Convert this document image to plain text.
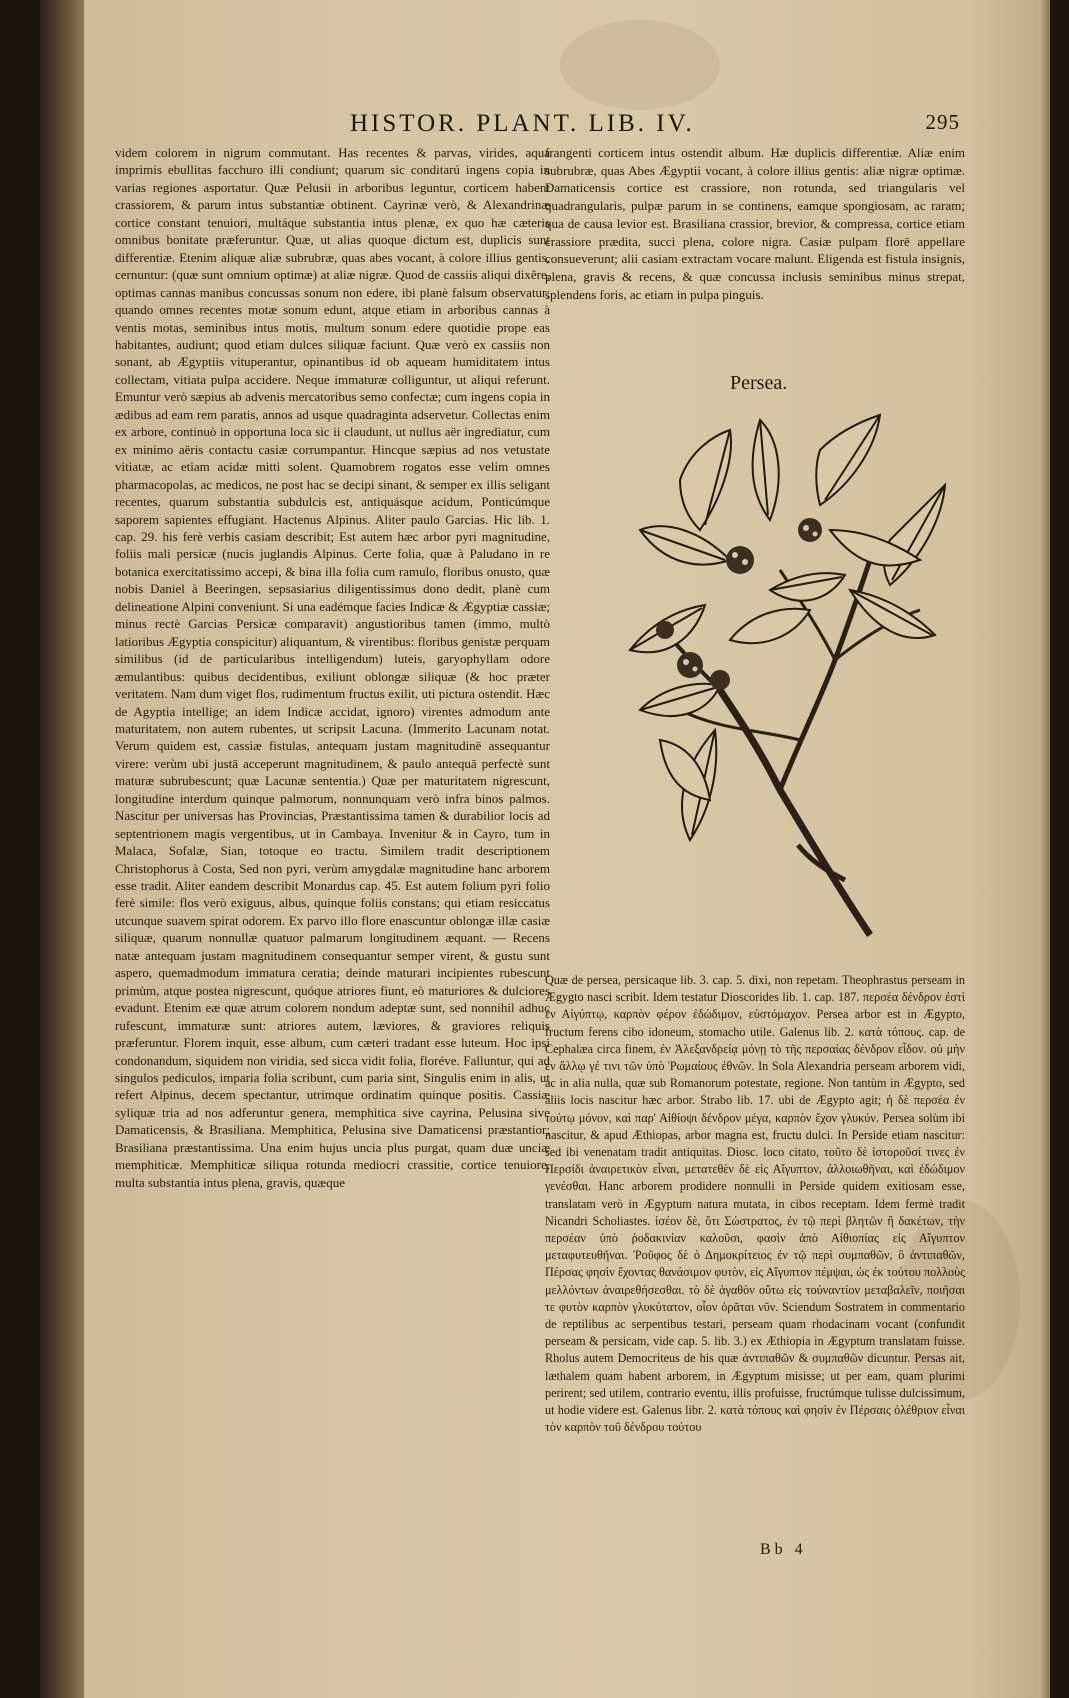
HISTOR. PLANT. LIB. IV.	295

videm colorem in nigrum commutant. Has recentes & parvas, virides, aqua imprimis ebullitas facchuro illi condiunt; quarum sic conditarú ingens copia in varias regiones asportatur. Quæ Pelusii in arboribus leguntur, corticem habent crassiorem, & parum intus substantiæ obtinent. Cayrinæ verò, & Alexandrinæ cortice constant tenuiori, multáque substantia intus plenæ, ex quo hæ cæteris omnibus bonitate præferuntur. Quæ, ut alias quoque dictum est, duplicis sunt differentiæ. Etenim aliquæ aliæ subrubræ, quas abes vocant, à colore illius gentis, cernuntur: (quæ sunt omnium optimæ) at aliæ nigræ. Quod de cassiis aliqui dixêre, optimas cannas manibus concussas sonum non edere, ibi planè falsum observatur; quando omnes recentes motæ sonum edunt, atque etiam in arboribus cannas à ventis motas, seminibus intus motis, multum sonum edere quotidie prope eas habitantes, audiunt; quod etiam dulces siliquæ faciunt. Quæ verò ex cassiis non sonant, ab Ægyptiis vituperantur, opinantibus id ob aqueam humiditatem intus collectam, vitiata pulpa accidere. Neque immaturæ colliguntur, ut aliqui referunt. Emuntur verò sæpius ab advenis mercatoribus semo confectæ; cum ingens copia in ædibus ad eam rem paratis, annos ad usque quadraginta adservetur. Collectas enim ex arbore, continuò in opportuna loca sic ii claudunt, ut nullus aër ingrediatur, cum ex minimo aëris contactu casiæ corrumpantur. Hincque sæpius ad nos vetustate vitiatæ, ac etiam acidæ mitti solent. Quamobrem rogatos esse velim omnes pharmacopolas, ac medicos, ne post hac se decipi sinant, & semper ex illis seligant recentes, quarum substantia subdulcis est, antiquásque acidum, Ponticúmque saporem sapientes effugiant. Hactenus Alpinus. Aliter paulo Garcias. Hic lib. 1. cap. 29. his ferè verbis casiam describit; Est autem hæc arbor pyri magnitudine, foliis mali persicæ (nucis juglandis Alpinus. Certe folia, quæ à Paludano in re botanica exercitatissimo accepi, & bina illa folia cum ramulo, floribus onusto, quæ nobis Daniel à Beeringen, sepsasiarius diligentissimus dono dedit, planè cum delineatione Alpini conveniunt. Si una eadémque facies Indicæ & Ægyptiæ cassiæ; minus rectè Garcias Persicæ comparavit) angustioribus tamen (immo, multò latioribus Ægyptia conspicitur) aliquantum, & virentibus: floribus genistæ perquam similibus (id de particularibus intelligendum) luteis, garyophyllam odore æmulantibus: quibus decidentibus, exiliunt oblongæ siliquæ (& hoc præter veritatem. Nam dum viget flos, rudimentum fructus exilit, uti pictura ostendit. Hæc de Agyptia intellige; an idem Indicæ accidat, ignoro) virentes admodum ante maturitatem, non autem rubentes, ut scripsit Lacuna. (Immerito Lacunam notat. Verum quidem est, cassiæ fistulas, antequam justam magnitudinē assequantur virere: verùm ubi justā acceperunt magnitudinem, & paulo antequā perfectè sunt maturæ subrubescunt; quæ Lacunæ sententia.) Quæ per maturitatem nigrescunt, longitudine interdum quinque palmorum, nonnunquam verò infra binos palmos. Nascitur per universas has Provincias, Præstantissima tamen & durabilior locis ad septentrionem magis vergentibus, ut in Cambaya. Invenitur & in Cayro, tum in Malaca, Sofalæ, Sian, totoque eo tractu. Similem tradit descriptionem Christophorus à Costa, Sed non pyri, verùm amygdalæ magnitudine hanc arborem esse tradit. Aliter eandem describit Monardus cap. 45. Est autem folium pyri folio ferè simile: flos verò exiguus, albus, quinque foliis constans; qui etiam resiccatus utcunque suavem spirat odorem. Ex parvo illo flore enascuntur oblongæ illæ casiæ siliquæ, quarum nonnullæ quatuor palmarum longitudinem æquant. — Recens natæ antequam justam magnitudinem consequantur semper virent, & gustu sunt aspero, quemadmodum immatura ceratia; deinde maturari incipientes rubescunt primùm, atque postea nigrescunt, quóque atriores fiunt, eò maturiores & dulciores evadunt. Etenim eæ quæ atrum colorem nondum adeptæ sunt, sed nonnihil adhuc rufescunt, immaturæ sunt: atriores autem, læviores, & graviores reliquis præferuntur. Florem inquit, esse album, cum cæteri tradant esse luteum. Hoc ipsi condonandum, siquidem non viridia, sed sicca vidit folia, floréve. Falluntur, qui ad singulos pediculos, imparia folia scribunt, cum paria sint, Singulis enim in alis, ut refert Alpinus, decem spectantur, utrimque ordinatim quinque positis. Cassiæ syliquæ tria ad nos adferuntur genera, memphitica sive cayrina, Pelusina sive Damaticensis, & Brasiliana. Memphitica, Pelusina sive Damaticensi præstantior; Brasiliana præstantissima. Una enim hujus uncia plus purgat, quam duæ unciæ memphiticæ. Memphiticæ siliqua rotunda mediocri crassitie, cortice tenuiore, multa substantia intus plena, gravis, quæque

frangenti corticem intus ostendit album. Hæ duplicis differentiæ. Aliæ enim subrubræ, quas Abes Ægyptii vocant, à colore illius gentis: aliæ nigræ optimæ. Damaticensis cortice est crassiore, non rotunda, sed triangularis vel quadrangularis, pulpæ parum in se continens, eamque spongiosam, ac raram; qua de causa levior est. Brasiliana crassior, brevior, & compressa, cortice etiam crassiore prædita, succi plena, colore nigra. Casiæ pulpam florē appellare consueverunt; alii casiam extractam vocare malunt. Eligenda est fistula insignis, plena, gravis & recens, & quæ concussa inclusis seminibus minus strepat, splendens foris, ac etiam in pulpa pinguis.

Persea.

Quæ de persea, persicaque lib. 3. cap. 5. dixi, non repetam. Theophrastus perseam in Ægygto nasci scribit. Idem testatur Dioscorides lib. 1. cap. 187. περσέα δένδρον ἐστὶ ἐν Αἰγύπτῳ, καρπὸν φέρον ἐδώδιμον, εὐστόμαχον. Persea arbor est in Ægypto, fructum ferens cibo idoneum, stomacho utile. Galenus lib. 2. κατὰ τόπους. cap. de Cephalæa circa finem, ἐν Ἀλεξανδρείᾳ μόνῃ τὸ τῆς περσαίας δένδρον εἶδον. οὐ μὴν ἐν ἄλλῳ γέ τινι τῶν ὑπὸ Ῥωμαίους ἐθνῶν. In Sola Alexandria perseam arborem vidi, ac in alia nulla, quæ sub Romanorum potestate, regione. Non tantùm in Ægypto, sed aliis locis nascitur hæc arbor. Strabo lib. 17. ubi de Ægypto agit; ἡ δὲ περσέα ἐν τούτῳ μόνον, καὶ παρ' Αἰθίοψι δένδρον μέγα, καρπὸν ἔχον γλυκύν. Persea solùm ibi nascitur, & apud Æthiopas, arbor magna est, fructu dulci. In Perside etiam nascitur: sed ibi venenatam tradit antiquitas. Diosc. loco citato, τοῦτο δὲ ἱστοροῦσί τινες ἐν Περσίδι ἀναιρετικὸν εἶναι, μετατεθὲν δὲ εἰς Αἴγυπτον, ἀλλοιωθῆναι, καὶ ἐδώδιμον γενέσθαι. Hanc arborem prodidere nonnulli in Perside quidem exitiosam esse, translatam verò in Ægyptum natura mutata, in cibos receptam. Idem fermè tradit Nicandri Scholiastes. ἰσέον δὲ, ὅτι Σώστρατος, ἐν τῷ περὶ βλητῶν ἢ δακέτων, τὴν περσέαν ὑπὸ ῥοδακινίαν καλοῦσι, φασὶν ἀπὸ Αἰθιοπίας εἰς Αἴγυπτον μεταφυτευθῆναι. Ῥοῦφος δὲ ὁ Δημοκρίτειος ἐν τῷ περὶ συμπαθῶν, ὃ ἀντιπαθῶν, Πέρσας φησὶν ἔχοντας θανάσιμον φυτὸν, εἰς Αἴγυπτον πέμψαι, ὡς ἐκ τούτου πολλοὺς μελλόντων ἀναιρεθήσεσθαι. τὸ δὲ ἀγαθὸν οὕτω εἰς τοὐναντίον μεταβαλεῖν, ποιῆσαι τε φυτὸν καρπὸν γλυκύτατον, οἷον ὁρᾶται νῦν. Sciendum Sostratem in commentario de reptilibus ac serpentibus testari, perseam quam rhodacinam vocant (confundit perseam & persicam, vide cap. 5. lib. 3.) ex Æthiopia in Ægyptum translatam fuisse. Rholus autem Democriteus de his quæ ἀντιπαθῶν & συμπαθῶν dicuntur. Persas ait, læthalem quam habent arborem, in Ægyptum misisse; ut per eam, quam plurimi perirent; sed utilem, contrario eventu, illis profuisse, fructúmque tulisse dulcissimum, ut hodie videre est. Galenus libr. 2. κατὰ τόπους καὶ φησὶν ἐν Πέρσαις ὀλέθριον εἶναι τὸν καρπὸν τοῦ δένδρου τούτου

Bb 4
